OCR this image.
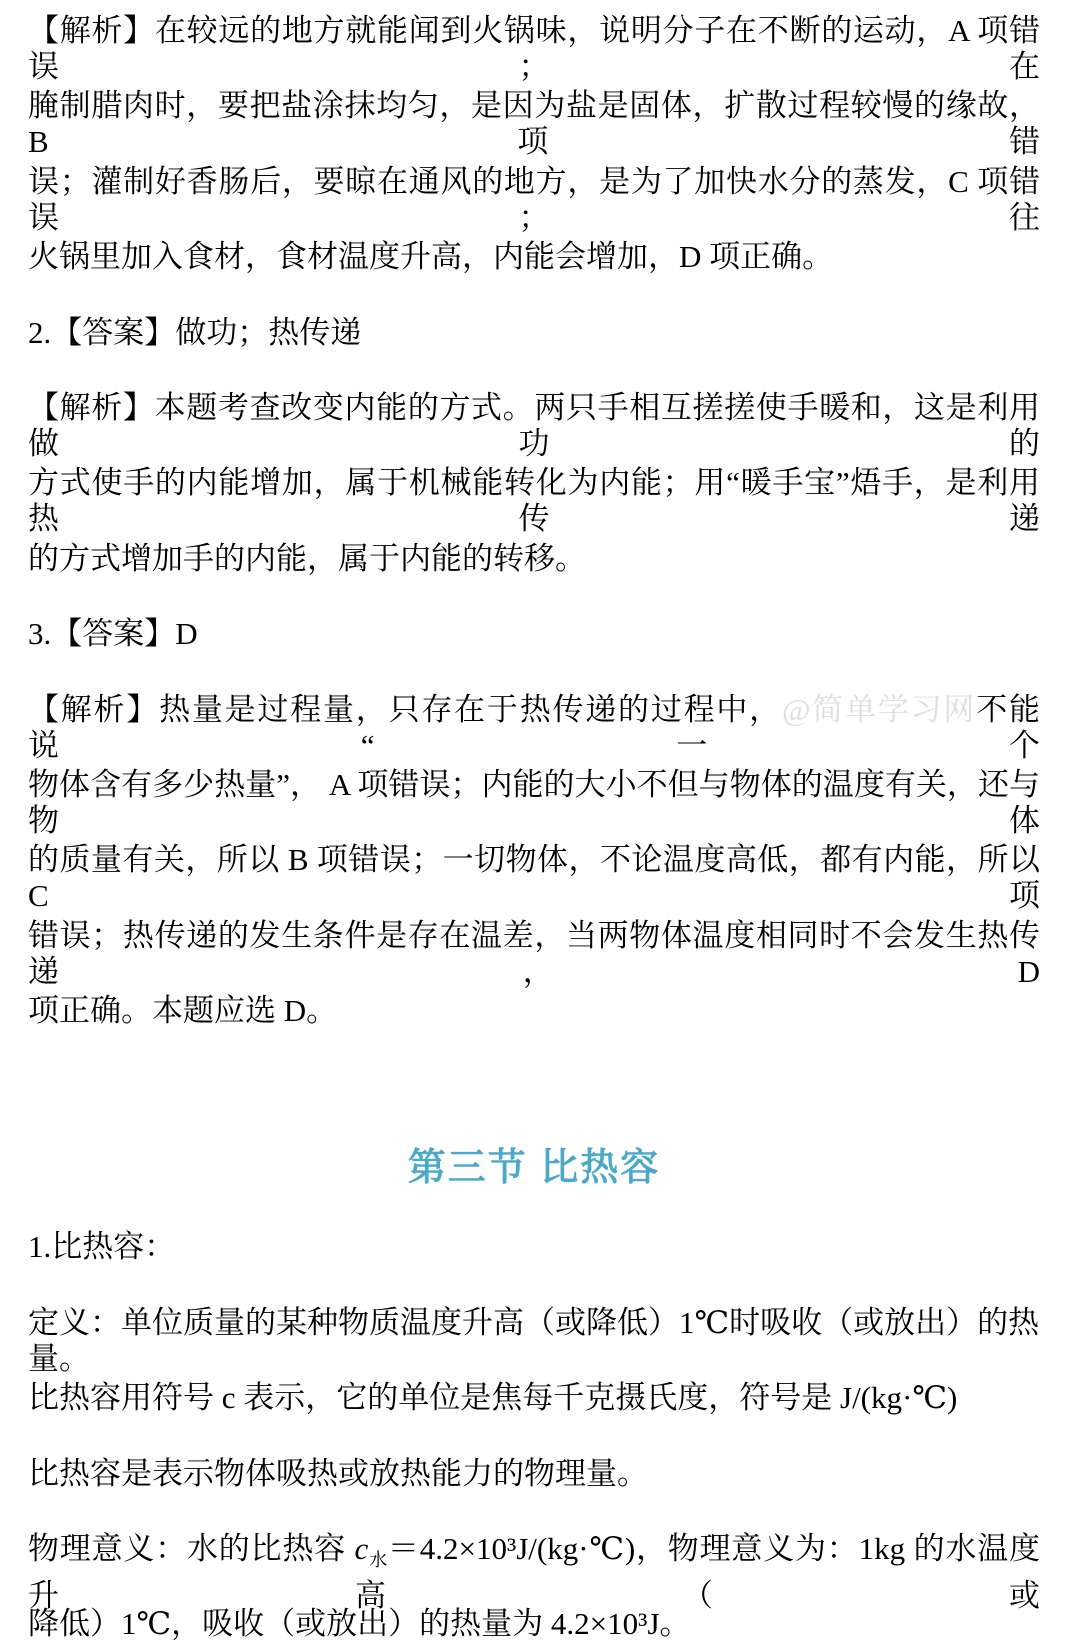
【解析】在较远的地方就能闻到火锅味，说明分子在不断的运动，A 项错误；在
腌制腊肉时，要把盐涂抹均匀，是因为盐是固体，扩散过程较慢的缘故，B 项错
误；灌制好香肠后，要晾在通风的地方，是为了加快水分的蒸发，C 项错误；往
火锅里加入食材，食材温度升高，内能会增加，D 项正确。
2.【答案】做功；热传递
【解析】本题考查改变内能的方式。两只手相互搓搓使手暖和，这是利用做功的
方式使手的内能增加，属于机械能转化为内能；用“暖手宝”焐手，是利用热传递
的方式增加手的内能，属于内能的转移。
3.【答案】D
【解析】热量是过程量，只存在于热传递的过程中，@简单学习网不能说“一个
物体含有多少热量”， A 项错误；内能的大小不但与物体的温度有关，还与物体
的质量有关，所以 B 项错误；一切物体，不论温度高低，都有内能，所以 C 项
错误；热传递的发生条件是存在温差，当两物体温度相同时不会发生热传递，D
项正确。本题应选 D。
第三节 比热容
1.比热容：
定义：单位质量的某种物质温度升高（或降低）1℃时吸收（或放出）的热量。
比热容用符号 c 表示，它的单位是焦每千克摄氏度，符号是 J/(kg·℃)
比热容是表示物体吸热或放热能力的物理量。
物理意义：水的比热容 $c_水=4.2\times 10^3J/(kg\cdot℃)$，物理意义为：1kg 的水温度升高（或
降低）1℃，吸收（或放出）的热量为 4.2×10³J。
